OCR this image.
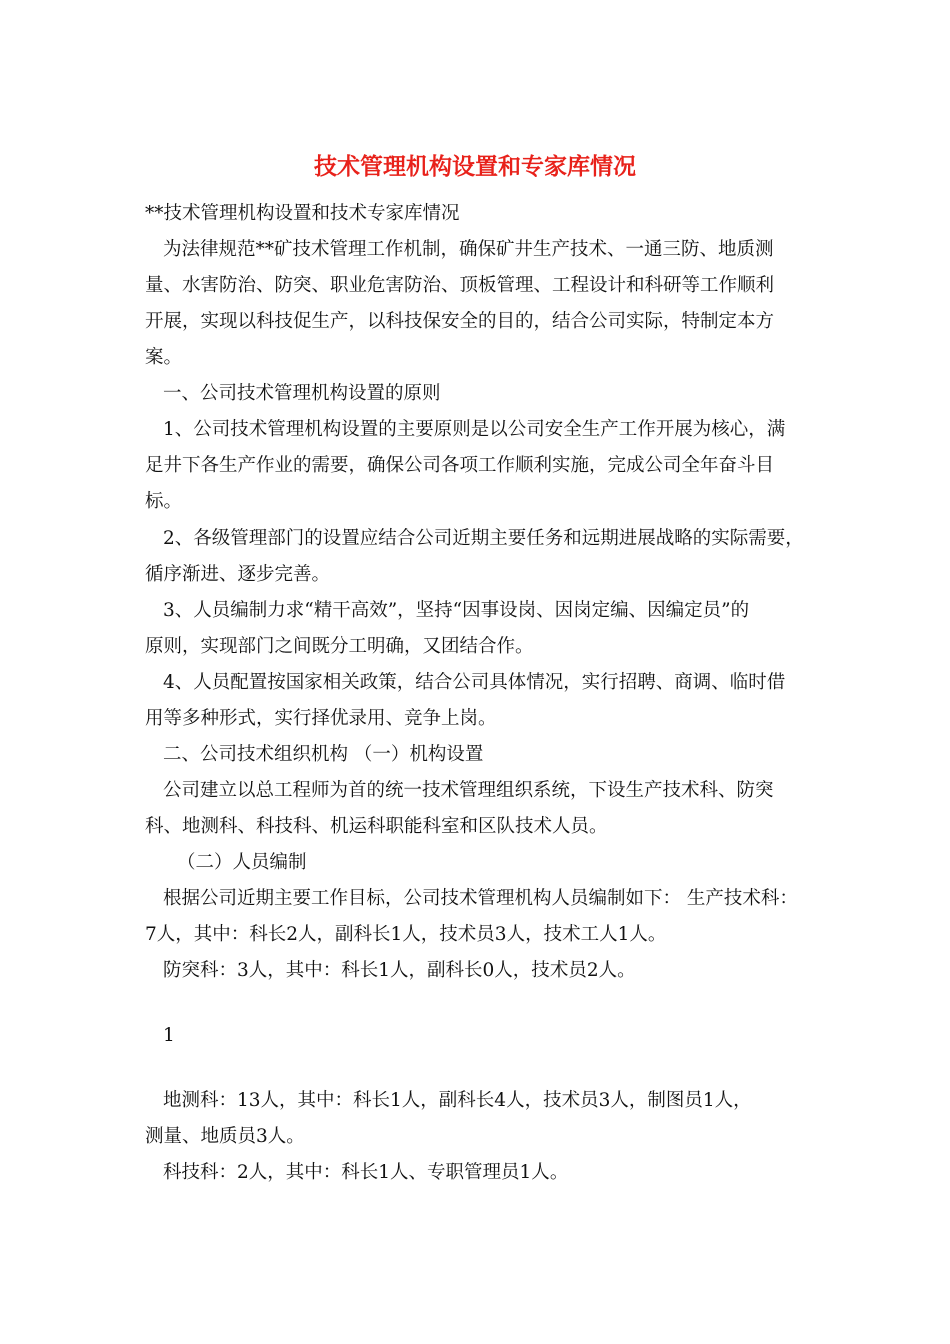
技术管理机构设置和专家库情况
**技术管理机构设置和技术专家库情况
为法律规范**矿技术管理工作机制，确保矿井生产技术、一通三防、地质测
量、水害防治、防突、职业危害防治、顶板管理、工程设计和科研等工作顺利
开展，实现以科技促生产，以科技保安全的目的，结合公司实际，特制定本方
案。
一、公司技术管理机构设置的原则
1、公司技术管理机构设置的主要原则是以公司安全生产工作开展为核心，满
足井下各生产作业的需要，确保公司各项工作顺利实施，完成公司全年奋斗目
标。
2、各级管理部门的设置应结合公司近期主要任务和远期进展战略的实际需要，
循序渐进、逐步完善。
3、人员编制力求“精干高效”，坚持“因事设岗、因岗定编、因编定员”的
原则，实现部门之间既分工明确，又团结合作。
4、人员配置按国家相关政策，结合公司具体情况，实行招聘、商调、临时借
用等多种形式，实行择优录用、竞争上岗。
二、公司技术组织机构 （一）机构设置
公司建立以总工程师为首的统一技术管理组织系统，下设生产技术科、防突
科、地测科、科技科、机运科职能科室和区队技术人员。
（二）人员编制
根据公司近期主要工作目标，公司技术管理机构人员编制如下： 生产技术科：
7人，其中：科长2人，副科长1人，技术员3人，技术工人1人。
防突科：3人，其中：科长1人，副科长0人，技术员2人。
1
地测科：13人，其中：科长1人，副科长4人，技术员3人，制图员1人，
测量、地质员3人。
科技科：2人，其中：科长1人、专职管理员1人。
